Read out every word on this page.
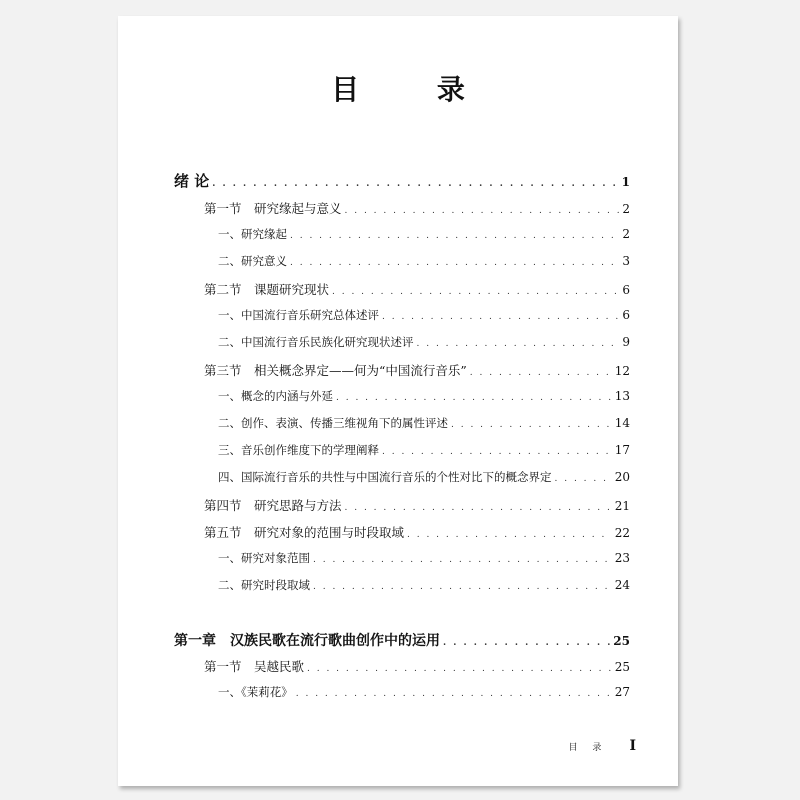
目 录
绪 论 . . .	1
第一节　研究缘起与意义 . . .	2
一、研究缘起 . . .	2
二、研究意义 . . .	3
第二节　课题研究现状 . . .	6
一、中国流行音乐研究总体述评 . . .	6
二、中国流行音乐民族化研究现状述评 . . .	9
第三节　相关概念界定——何为“中国流行音乐” . . .	12
一、概念的内涵与外延 . . .	13
二、创作、表演、传播三维视角下的属性评述 . . .	14
三、音乐创作维度下的学理阐释 . . .	17
四、国际流行音乐的共性与中国流行音乐的个性对比下的概念界定 . . .	20
第四节　研究思路与方法 . . .	21
第五节　研究对象的范围与时段取域 . . .	22
一、研究对象范围 . . .	23
二、研究时段取域 . . .	24
第一章　汉族民歌在流行歌曲创作中的运用 . . .	25
第一节　吴越民歌 . . .	25
一、《茉莉花》 . . .	27
目 录 I
